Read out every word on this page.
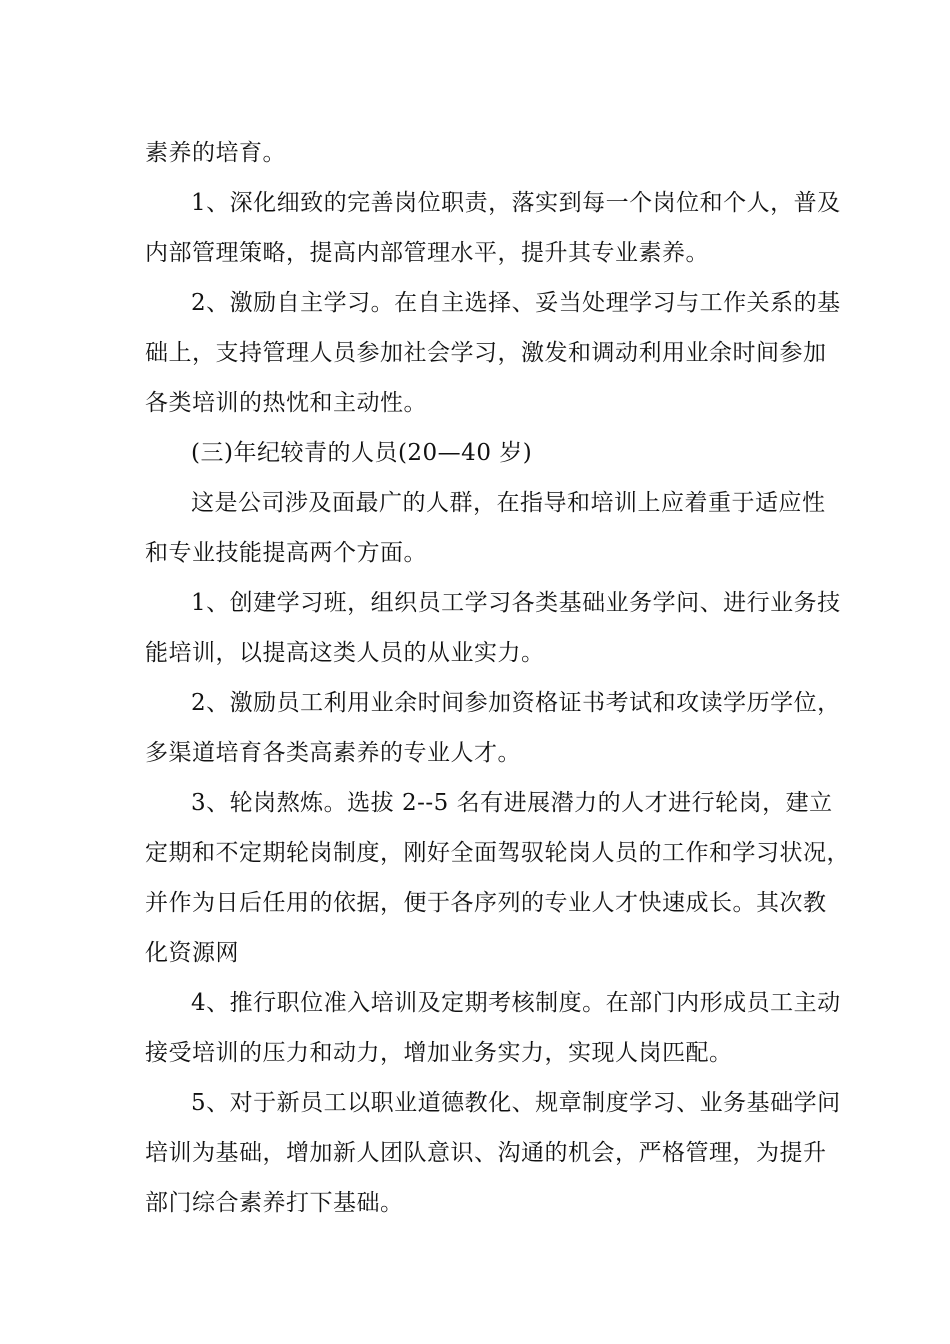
素养的培育。
1、深化细致的完善岗位职责，落实到每一个岗位和个人，普及
内部管理策略，提高内部管理水平，提升其专业素养。
2、激励自主学习。在自主选择、妥当处理学习与工作关系的基
础上，支持管理人员参加社会学习，激发和调动利用业余时间参加
各类培训的热忱和主动性。
(三)年纪较青的人员(20—40 岁)
这是公司涉及面最广的人群，在指导和培训上应着重于适应性
和专业技能提高两个方面。
1、创建学习班，组织员工学习各类基础业务学问、进行业务技
能培训，以提高这类人员的从业实力。
2、激励员工利用业余时间参加资格证书考试和攻读学历学位，
多渠道培育各类高素养的专业人才。
3、轮岗熬炼。选拔 2--5 名有进展潜力的人才进行轮岗，建立
定期和不定期轮岗制度，刚好全面驾驭轮岗人员的工作和学习状况，
并作为日后任用的依据，便于各序列的专业人才快速成长。其次教
化资源网
4、推行职位准入培训及定期考核制度。在部门内形成员工主动
接受培训的压力和动力，增加业务实力，实现人岗匹配。
5、对于新员工以职业道德教化、规章制度学习、业务基础学问
培训为基础，增加新人团队意识、沟通的机会，严格管理，为提升
部门综合素养打下基础。
